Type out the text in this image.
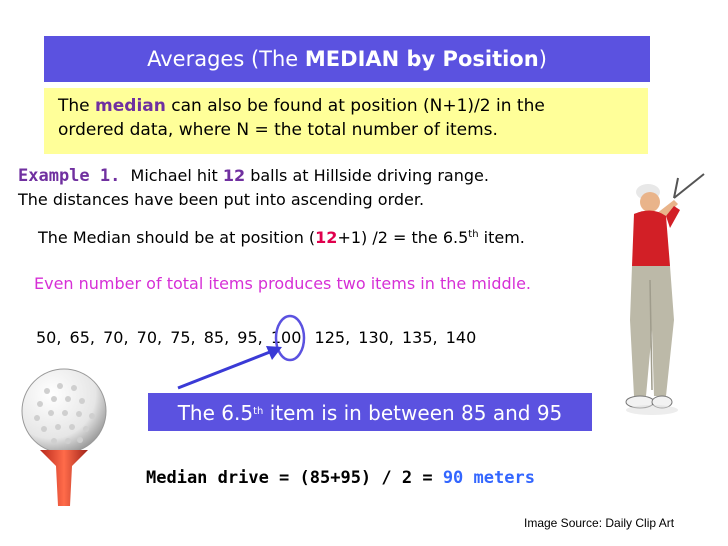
Averages (The MEDIAN by Position)
The median can also be found at position (N+1)/2 in the
ordered data, where N = the total number of items.
Example 1.  Michael hit 12 balls at Hillside driving range.
The distances have been put into ascending order.
The Median should be at position (12+1) /2 = the 6.5th item.
Even number of total items produces two items in the middle.
50, 65, 70, 70, 75, 85, 95, 100, 125, 130, 135, 140
The 6.5th item is in between 85 and 95
Median drive = (85+95) / 2 = 90 meters
Image Source: Daily Clip Art
